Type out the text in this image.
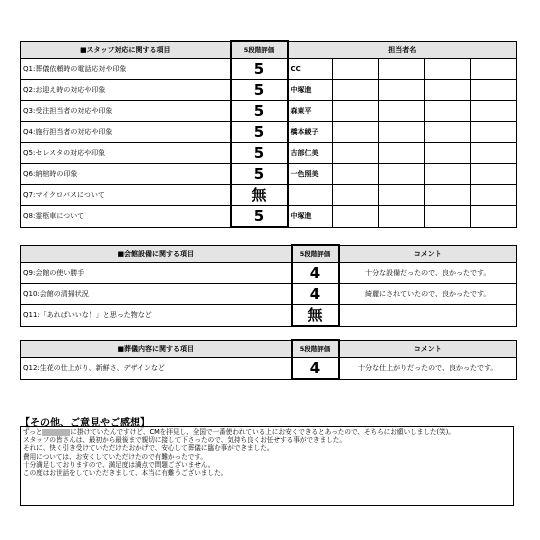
■スタッフ対応に関する項目	5段階評価	担当者名				
Q1:葬儀依頼時の電話応対や印象	5	CC				
Q2:お迎え時の対応や印象	5	中塚進				
Q3:受注担当者の対応や印象	5	森東平				
Q4:施行担当者の対応や印象	5	橋本綾子				
Q5:セレスタの対応や印象	5	古部仁美				
Q6:納棺時の印象	5	一色照美				
Q7:マイクロバスについて	無					
Q8:霊柩車について	5	中塚進				
■会館設備に関する項目	5段階評価	コメント
Q9:会館の使い勝手	4	十分な設備だったので、良かったです。
Q10:会館の清掃状況	4	綺麗にされていたので、良かったです。
Q11:「あればいいな！」と思った物など	無	
■葬儀内容に関する項目	5段階評価	コメント
Q12:生花の仕上がり、新鮮さ、デザインなど	4	十分な仕上がりだったので、良かったです。
【その他、ご意見やご感想】
ずっと	に掛けていたんですけど、CMを拝見し、全国で一番使われている上にお安くできるとあったので、そちらにお願いしました(笑)。
スタッフの皆さんは、最初から最後まで親切に接して下さったので、気持ち良くお任せする事ができました。
それに、快く引き受けていただけたおかげで、安心して葬儀に臨む事ができました。
費用については、お安くしていただけたので有難かったです。
十分満足しておりますので、満足度は満点で問題ございません。
この度はお世話をしていただきまして、本当に有難うございました。
